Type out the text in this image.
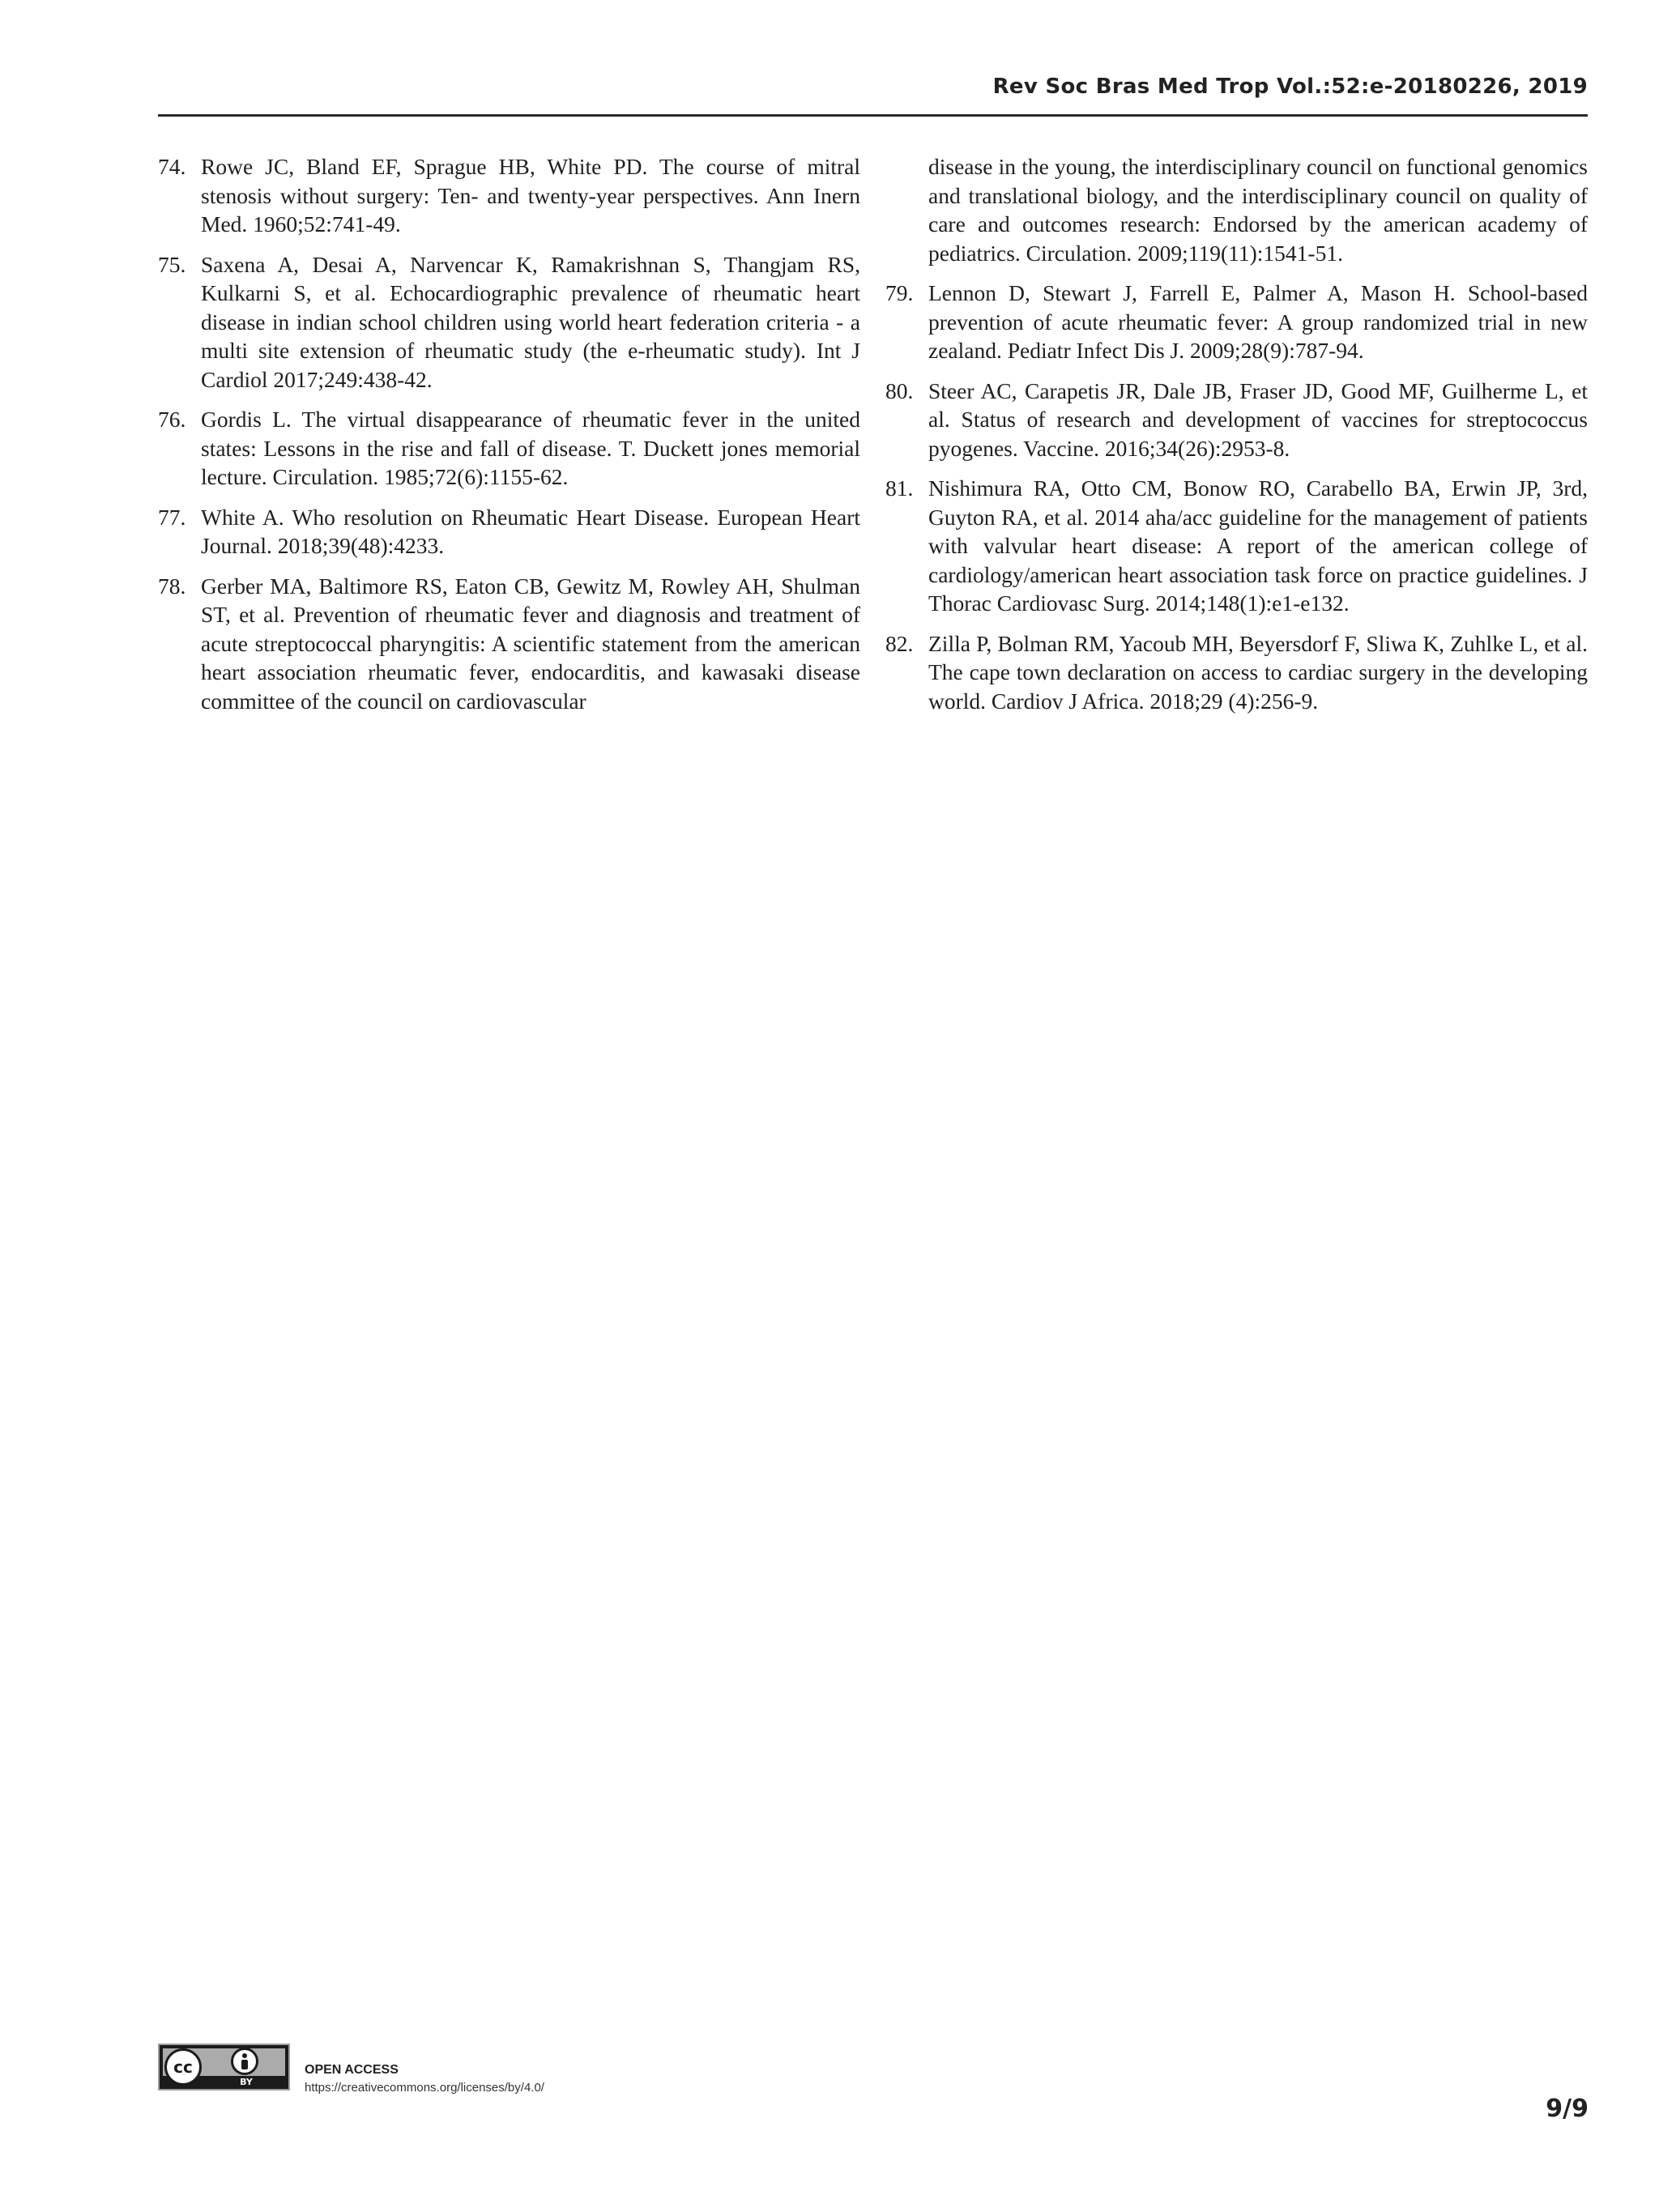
Rev Soc Bras Med Trop Vol.:52:e-20180226, 2019

74. Rowe JC, Bland EF, Sprague HB, White PD. The course of mitral stenosis without surgery: Ten- and twenty-year perspectives. Ann Inern Med. 1960;52:741-49.

75. Saxena A, Desai A, Narvencar K, Ramakrishnan S, Thangjam RS, Kulkarni S, et al. Echocardiographic prevalence of rheumatic heart disease in indian school children using world heart federation criteria - a multi site extension of rheumatic study (the e-rheumatic study). Int J Cardiol 2017;249:438-42.

76. Gordis L. The virtual disappearance of rheumatic fever in the united states: Lessons in the rise and fall of disease. T. Duckett jones memorial lecture. Circulation. 1985;72(6):1155-62.

77. White A. Who resolution on Rheumatic Heart Disease. European Heart Journal. 2018;39(48):4233.

78. Gerber MA, Baltimore RS, Eaton CB, Gewitz M, Rowley AH, Shulman ST, et al. Prevention of rheumatic fever and diagnosis and treatment of acute streptococcal pharyngitis: A scientific statement from the american heart association rheumatic fever, endocarditis, and kawasaki disease committee of the council on cardiovascular

disease in the young, the interdisciplinary council on functional genomics and translational biology, and the interdisciplinary council on quality of care and outcomes research: Endorsed by the american academy of pediatrics. Circulation. 2009;119(11):1541-51.

79. Lennon D, Stewart J, Farrell E, Palmer A, Mason H. School-based prevention of acute rheumatic fever: A group randomized trial in new zealand. Pediatr Infect Dis J. 2009;28(9):787-94.

80. Steer AC, Carapetis JR, Dale JB, Fraser JD, Good MF, Guilherme L, et al. Status of research and development of vaccines for streptococcus pyogenes. Vaccine. 2016;34(26):2953-8.

81. Nishimura RA, Otto CM, Bonow RO, Carabello BA, Erwin JP, 3rd, Guyton RA, et al. 2014 aha/acc guideline for the management of patients with valvular heart disease: A report of the american college of cardiology/american heart association task force on practice guidelines. J Thorac Cardiovasc Surg. 2014;148(1):e1-e132.

82. Zilla P, Bolman RM, Yacoub MH, Beyersdorf F, Sliwa K, Zuhlke L, et al. The cape town declaration on access to cardiac surgery in the developing world. Cardiov J Africa. 2018;29 (4):256-9.

cc
BY
OPEN ACCESS
https://creativecommons.org/licenses/by/4.0/
9/9
